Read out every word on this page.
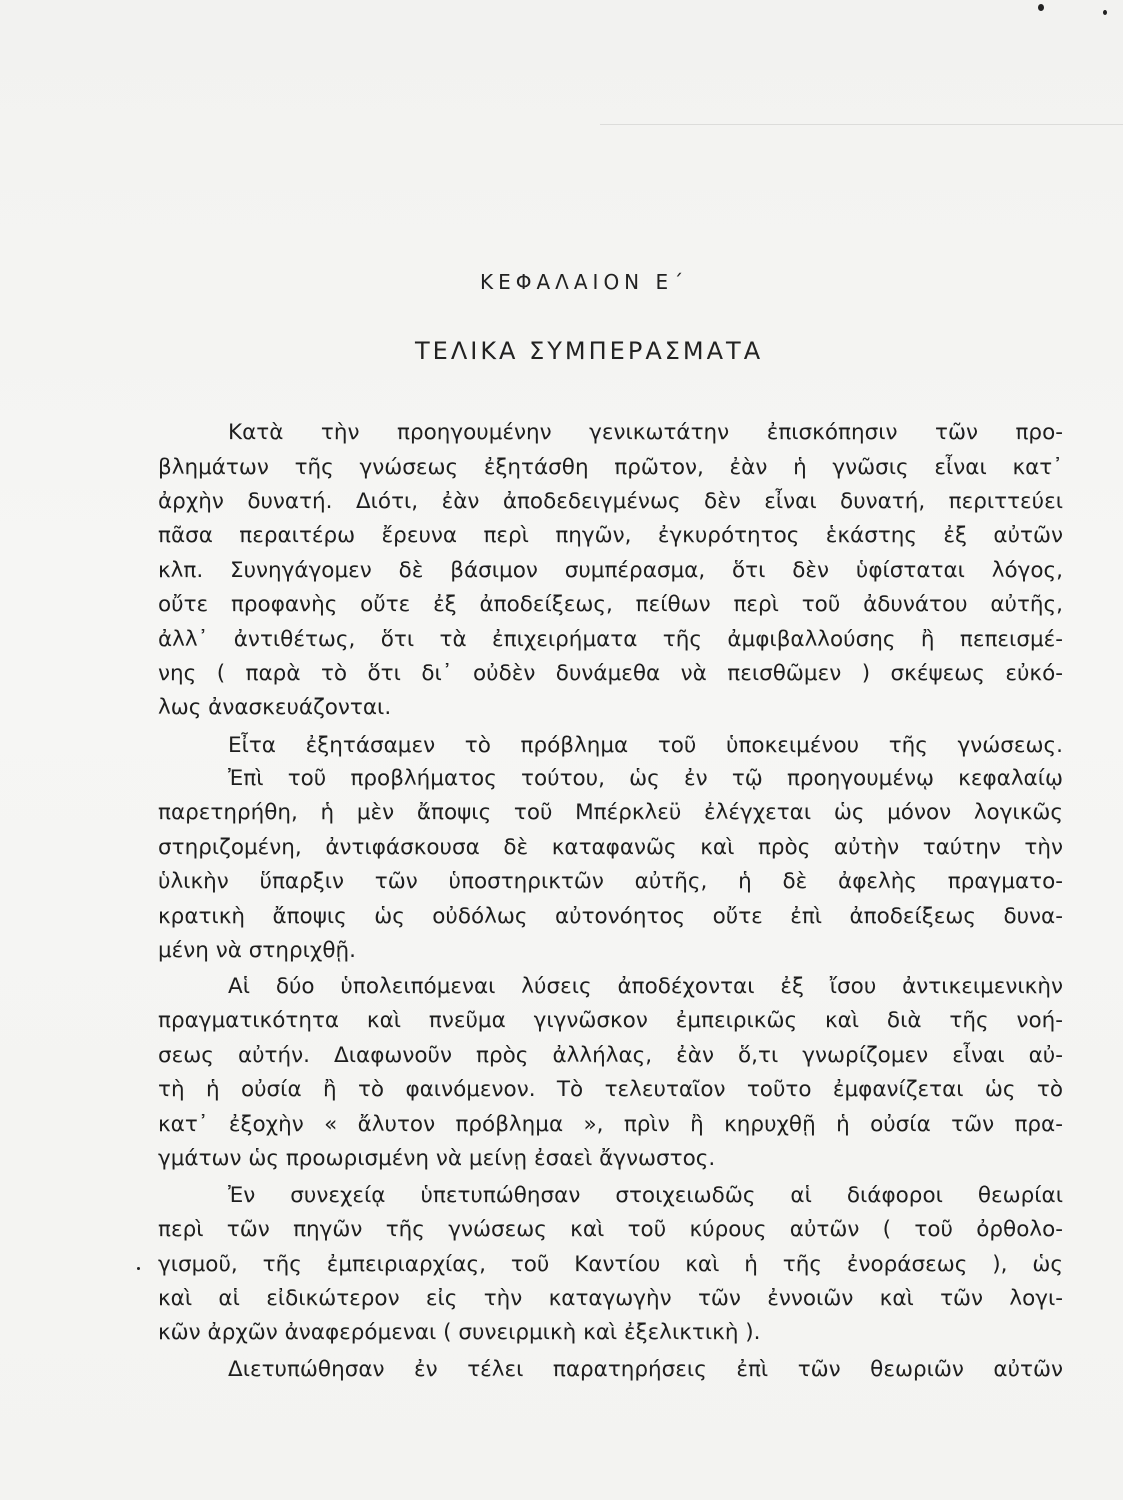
ΚΕΦΑΛΑΙΟΝ Ε΄
ΤΕΛΙΚΑ ΣΥΜΠΕΡΑΣΜΑΤΑ
Κατὰ τὴν προηγουμένην γενικωτάτην ἐπισκόπησιν τῶν προ-
βλημάτων τῆς γνώσεως ἐξητάσθη πρῶτον, ἐὰν ἡ γνῶσις εἶναι κατ᾽
ἀρχὴν δυνατή. Διότι, ἐὰν ἀποδεδειγμένως δὲν εἶναι δυνατή, περιττεύει
πᾶσα περαιτέρω ἔρευνα περὶ πηγῶν, ἐγκυρότητος ἑκάστης ἐξ αὐτῶν
κλπ. Συνηγάγομεν δὲ βάσιμον συμπέρασμα, ὅτι δὲν ὑφίσταται λόγος,
οὔτε προφανὴς οὔτε ἐξ ἀποδείξεως, πείθων περὶ τοῦ ἀδυνάτου αὐτῆς,
ἀλλ᾽ ἀντιθέτως, ὅτι τὰ ἐπιχειρήματα τῆς ἀμφιβαλλούσης ἢ πεπεισμέ-
νης ( παρὰ τὸ ὅτι δι᾽ οὐδὲν δυνάμεθα νὰ πεισθῶμεν ) σκέψεως εὐκό-
λως ἀνασκευάζονται.
Εἶτα ἐξητάσαμεν τὸ πρόβλημα τοῦ ὑποκειμένου τῆς γνώσεως.
Ἐπὶ τοῦ προβλήματος τούτου, ὡς ἐν τῷ προηγουμένῳ κεφαλαίῳ
παρετηρήθη, ἡ μὲν ἄποψις τοῦ Μπέρκλεϋ ἐλέγχεται ὡς μόνον λογικῶς
στηριζομένη, ἀντιφάσκουσα δὲ καταφανῶς καὶ πρὸς αὐτὴν ταύτην τὴν
ὑλικὴν ὕπαρξιν τῶν ὑποστηρικτῶν αὐτῆς, ἡ δὲ ἀφελὴς πραγματο-
κρατικὴ ἄποψις ὡς οὐδόλως αὐτονόητος οὔτε ἐπὶ ἀποδείξεως δυνα-
μένη νὰ στηριχθῇ.
Αἱ δύο ὑπολειπόμεναι λύσεις ἀποδέχονται ἐξ ἴσου ἀντικειμενικὴν
πραγματικότητα καὶ πνεῦμα γιγνῶσκον ἐμπειρικῶς καὶ διὰ τῆς νοή-
σεως αὐτήν. Διαφωνοῦν πρὸς ἀλλήλας, ἐὰν ὅ,τι γνωρίζομεν εἶναι αὐ-
τὴ ἡ οὐσία ἢ τὸ φαινόμενον. Τὸ τελευταῖον τοῦτο ἐμφανίζεται ὡς τὸ
κατ᾽ ἐξοχὴν « ἄλυτον πρόβλημα », πρὶν ἢ κηρυχθῇ ἡ οὐσία τῶν πρα-
γμάτων ὡς προωρισμένη νὰ μείνῃ ἐσαεὶ ἄγνωστος.
Ἐν συνεχείᾳ ὑπετυπώθησαν στοιχειωδῶς αἱ διάφοροι θεωρίαι
περὶ τῶν πηγῶν τῆς γνώσεως καὶ τοῦ κύρους αὐτῶν ( τοῦ ὀρθολο-
γισμοῦ, τῆς ἐμπειριαρχίας, τοῦ Καντίου καὶ ἡ τῆς ἐνοράσεως ), ὡς
καὶ αἱ εἰδικώτερον εἰς τὴν καταγωγὴν τῶν ἐννοιῶν καὶ τῶν λογι-
κῶν ἀρχῶν ἀναφερόμεναι ( συνειρμικὴ καὶ ἐξελικτικὴ ).
Διετυπώθησαν ἐν τέλει παρατηρήσεις ἐπὶ τῶν θεωριῶν αὐτῶν
